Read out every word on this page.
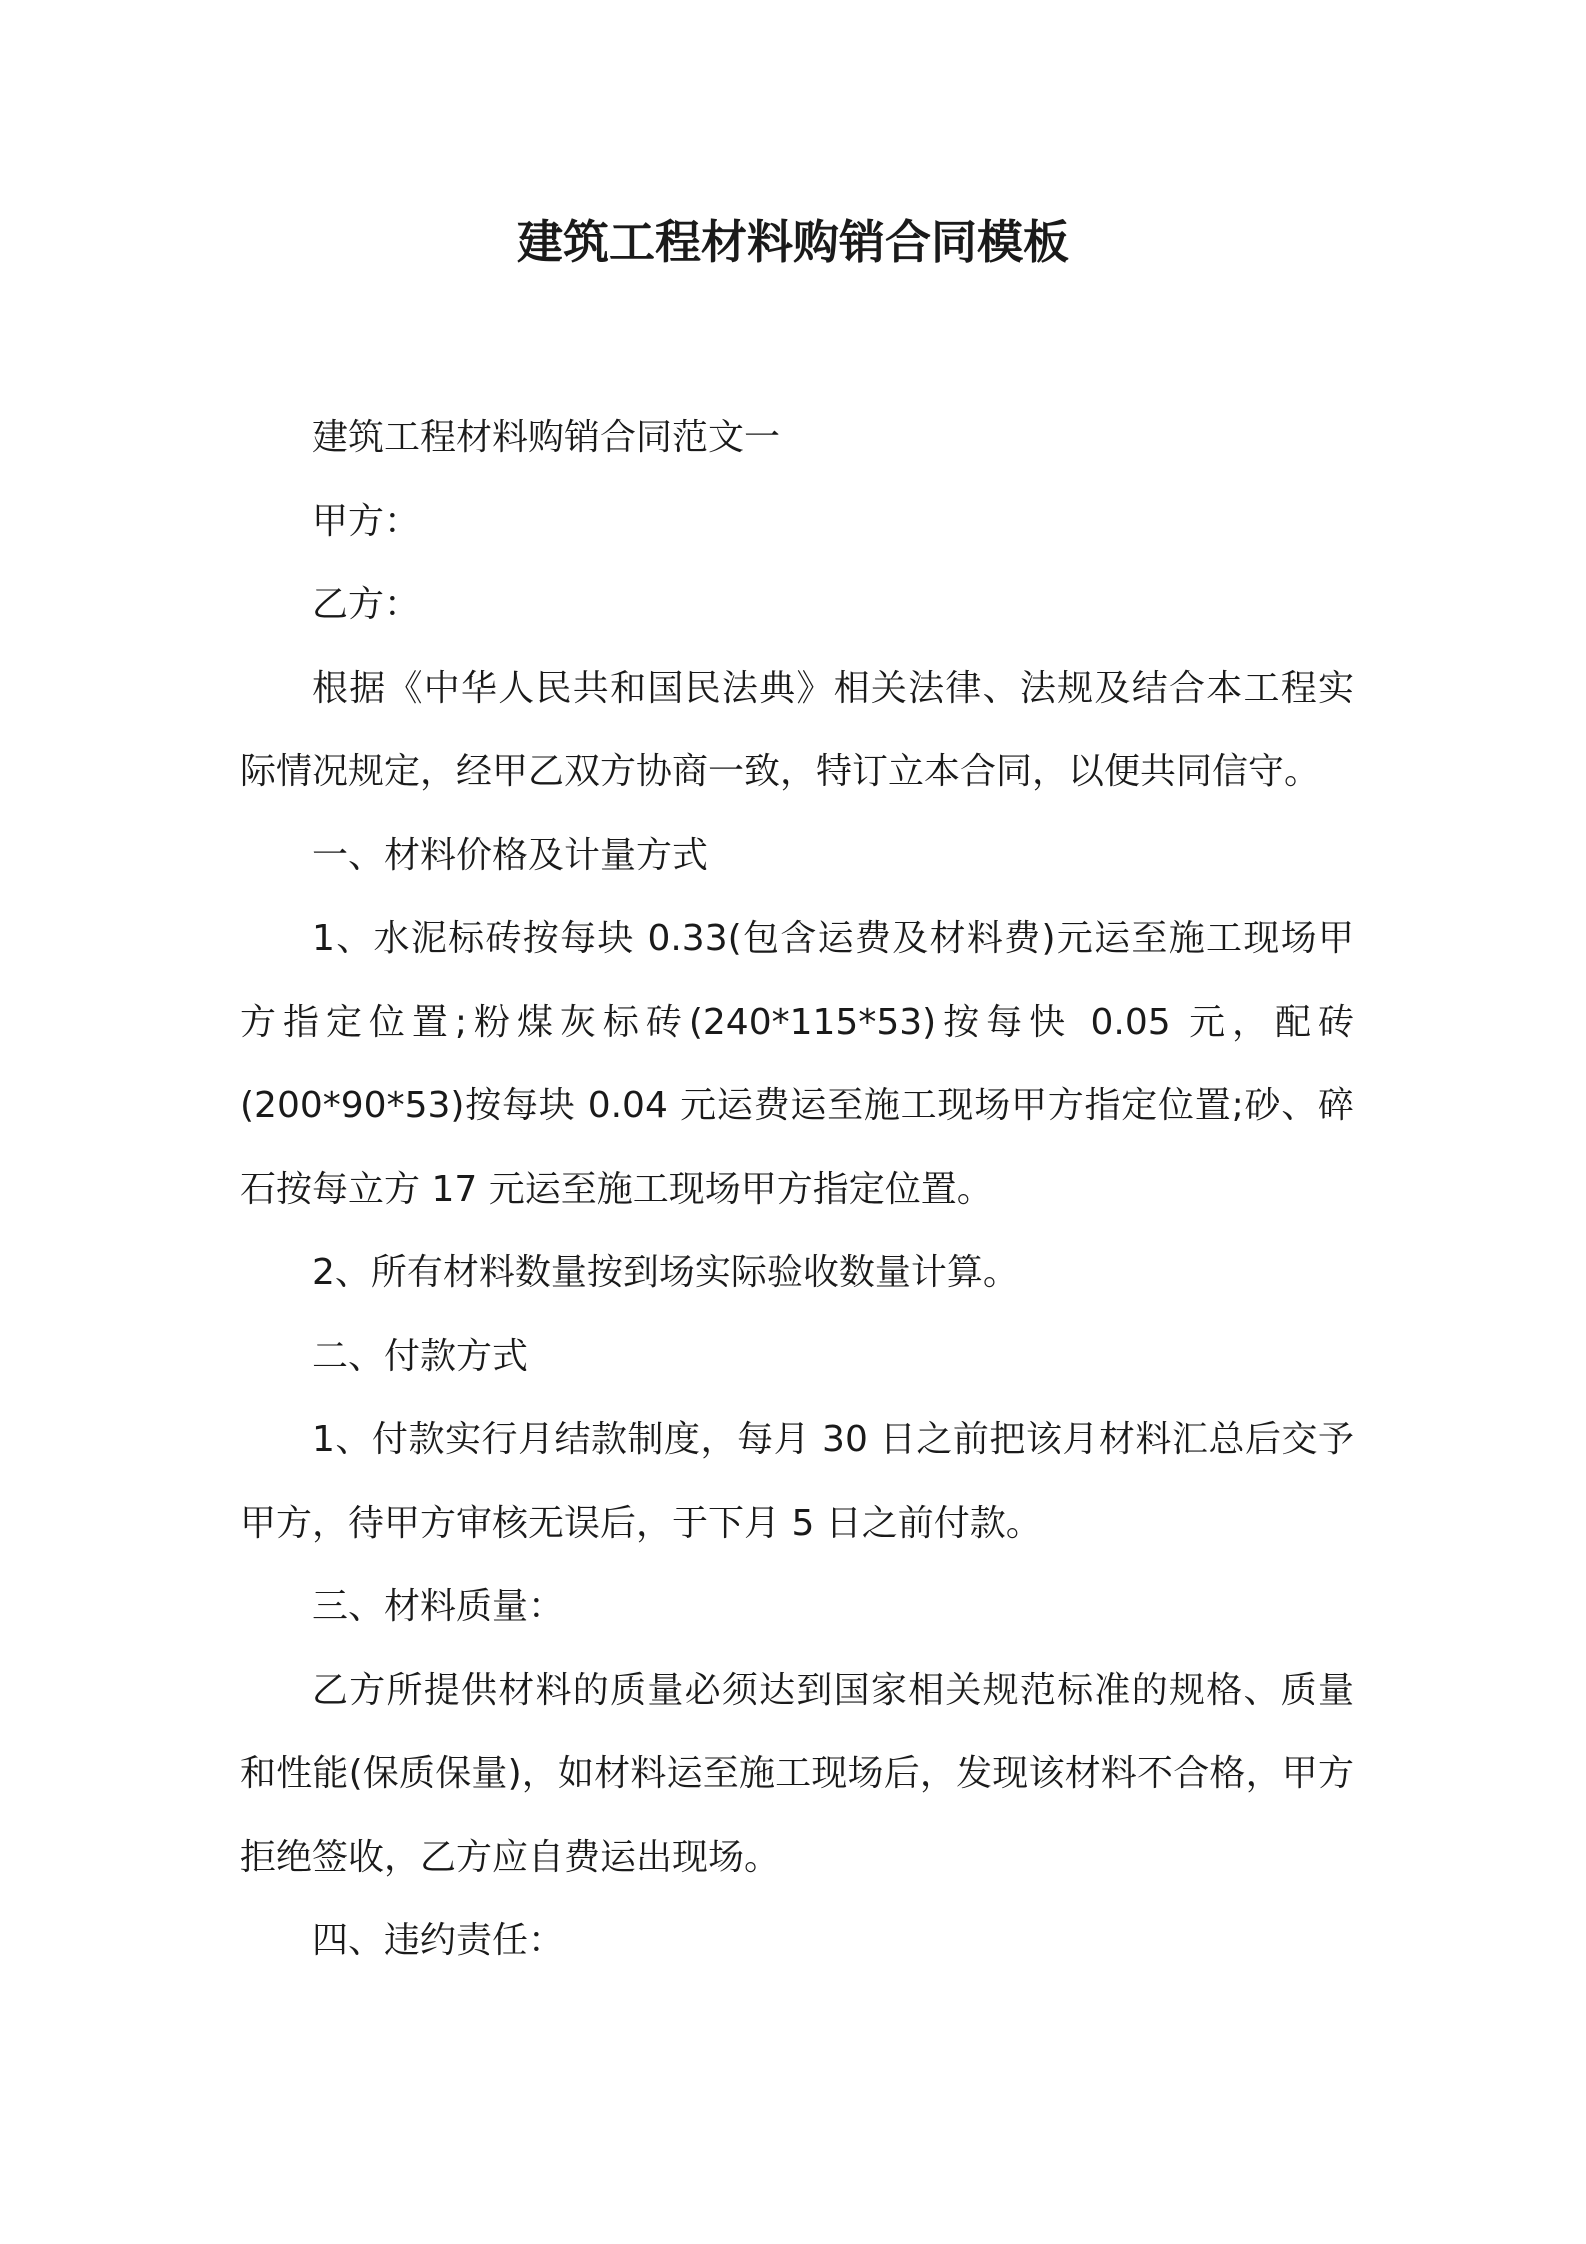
建筑工程材料购销合同模板

建筑工程材料购销合同范文一

甲方：

乙方：

根据《中华人民共和国民法典》相关法律、法规及结合本工程实际情况规定，经甲乙双方协商一致，特订立本合同，以便共同信守。

一、材料价格及计量方式

1、水泥标砖按每块 0.33(包含运费及材料费)元运至施工现场甲方指定位置;粉煤灰标砖(240*115*53)按每快 0.05 元，配砖(200*90*53)按每块 0.04 元运费运至施工现场甲方指定位置;砂、碎石按每立方 17 元运至施工现场甲方指定位置。

2、所有材料数量按到场实际验收数量计算。

二、付款方式

1、付款实行月结款制度，每月 30 日之前把该月材料汇总后交予甲方，待甲方审核无误后，于下月 5 日之前付款。

三、材料质量：

乙方所提供材料的质量必须达到国家相关规范标准的规格、质量和性能(保质保量)，如材料运至施工现场后，发现该材料不合格，甲方拒绝签收，乙方应自费运出现场。

四、违约责任：
